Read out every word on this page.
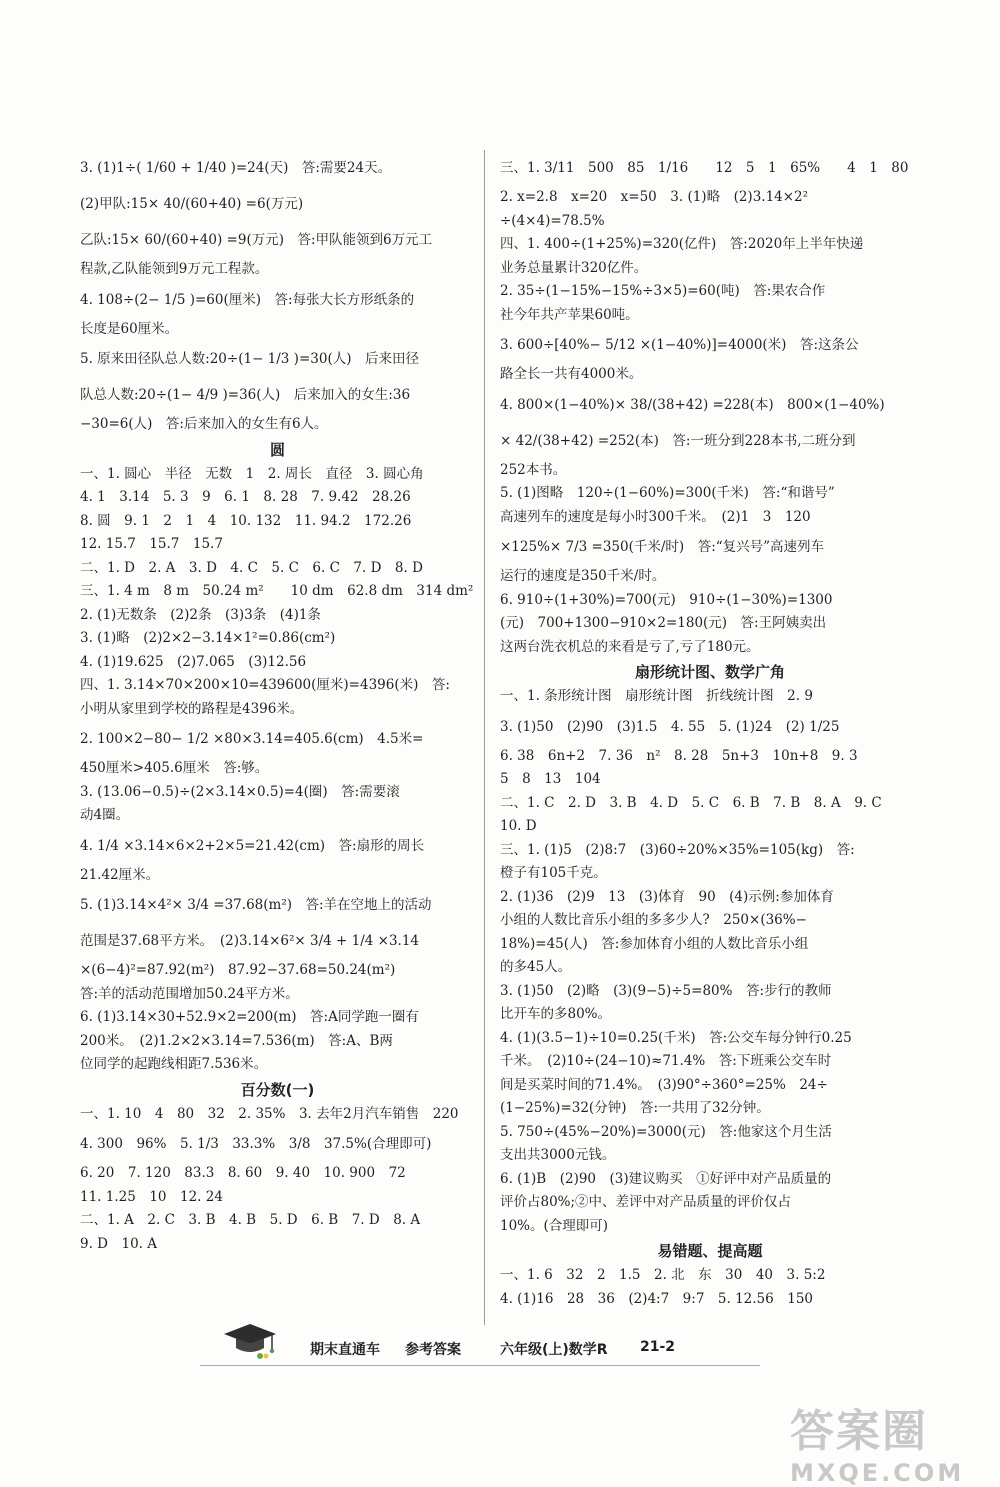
3. (1)1÷( 1/60 + 1/40 )=24(天)　答:需要24天。
(2)甲队:15× 40/(60+40) =6(万元)
乙队:15× 60/(60+40) =9(万元)　答:甲队能领到6万元工
程款,乙队能领到9万元工程款。
4. 108÷(2− 1/5 )=60(厘米)　答:每张大长方形纸条的
长度是60厘米。
5. 原来田径队总人数:20÷(1− 1/3 )=30(人)　后来田径
队总人数:20÷(1− 4/9 )=36(人)　后来加入的女生:36
−30=6(人)　答:后来加入的女生有6人。
圆
一、1. 圆心　半径　无数　1　2. 周长　直径　3. 圆心角
4. 1　3.14　5. 3　9　6. 1　8. 28　7. 9.42　28.26
8. 圆　9. 1　2　1　4　10. 132　11. 94.2　172.26
12. 15.7　15.7　15.7
二、1. D　2. A　3. D　4. C　5. C　6. C　7. D　8. D
三、1. 4 m　8 m　50.24 m²　　10 dm　62.8 dm　314 dm²
2. (1)无数条　(2)2条　(3)3条　(4)1条
3. (1)略　(2)2×2−3.14×1²=0.86(cm²)
4. (1)19.625　(2)7.065　(3)12.56
四、1. 3.14×70×200×10=439600(厘米)=4396(米)　答:
小明从家里到学校的路程是4396米。
2. 100×2−80− 1/2 ×80×3.14=405.6(cm)　4.5米=
450厘米>405.6厘米　答:够。
3. (13.06−0.5)÷(2×3.14×0.5)=4(圈)　答:需要滚
动4圈。
4. 1/4 ×3.14×6×2+2×5=21.42(cm)　答:扇形的周长
21.42厘米。
5. (1)3.14×4²× 3/4 =37.68(m²)　答:羊在空地上的活动
范围是37.68平方米。　(2)3.14×6²× 3/4 + 1/4 ×3.14
×(6−4)²=87.92(m²)　87.92−37.68=50.24(m²)
答:羊的活动范围增加50.24平方米。
6. (1)3.14×30+52.9×2=200(m)　答:A同学跑一圈有
200米。　(2)1.2×2×3.14=7.536(m)　答:A、B两
位同学的起跑线相距7.536米。
百分数(一)
一、1. 10　4　80　32　2. 35%　3. 去年2月汽车销售　220
4. 300　96%　5. 1/3　33.3%　3/8　37.5%(合理即可)
6. 20　7. 120　83.3　8. 60　9. 40　10. 900　72
11. 1.25　10　12. 24
二、1. A　2. C　3. B　4. B　5. D　6. B　7. D　8. A
9. D　10. A
三、1. 3/11　500　85　1/16　　12　5　1　65%　　4　1　80
2. x=2.8　x=20　x=50　3. (1)略　(2)3.14×2²
÷(4×4)=78.5%
四、1. 400÷(1+25%)=320(亿件)　答:2020年上半年快递
业务总量累计320亿件。
2. 35÷(1−15%−15%÷3×5)=60(吨)　答:果农合作
社今年共产苹果60吨。
3. 600÷[40%− 5/12 ×(1−40%)]=4000(米)　答:这条公
路全长一共有4000米。
4. 800×(1−40%)× 38/(38+42) =228(本)　800×(1−40%)
× 42/(38+42) =252(本)　答:一班分到228本书,二班分到
252本书。
5. (1)图略　120÷(1−60%)=300(千米)　答:“和谐号”
高速列车的速度是每小时300千米。　(2)1　3　120
×125%× 7/3 =350(千米/时)　答:“复兴号”高速列车
运行的速度是350千米/时。
6. 910÷(1+30%)=700(元)　910÷(1−30%)=1300
(元)　700+1300−910×2=180(元)　答:王阿姨卖出
这两台洗衣机总的来看是亏了,亏了180元。
扇形统计图、数学广角
一、1. 条形统计图　扇形统计图　折线统计图　2. 9
3. (1)50　(2)90　(3)1.5　4. 55　5. (1)24　(2) 1/25
6. 38　6n+2　7. 36　n²　8. 28　5n+3　10n+8　9. 3
5　8　13　104
二、1. C　2. D　3. B　4. D　5. C　6. B　7. B　8. A　9. C
10. D
三、1. (1)5　(2)8:7　(3)60÷20%×35%=105(kg)　答:
橙子有105千克。
2. (1)36　(2)9　13　(3)体育　90　(4)示例:参加体育
小组的人数比音乐小组的多多少人?　250×(36%−
18%)=45(人)　答:参加体育小组的人数比音乐小组
的多45人。
3. (1)50　(2)略　(3)(9−5)÷5=80%　答:步行的教师
比开车的多80%。
4. (1)(3.5−1)÷10=0.25(千米)　答:公交车每分钟行0.25
千米。　(2)10÷(24−10)≈71.4%　答:下班乘公交车时
间是买菜时间的71.4%。　(3)90°÷360°=25%　24÷
(1−25%)=32(分钟)　答:一共用了32分钟。
5. 750÷(45%−20%)=3000(元)　答:他家这个月生活
支出共3000元钱。
6. (1)B　(2)90　(3)建议购买　①好评中对产品质量的
评价占80%;②中、差评中对产品质量的评价仅占
10%。(合理即可)
易错题、提高题
一、1. 6　32　2　1.5　2. 北　东　30　40　3. 5:2
4. (1)16　28　36　(2)4:7　9:7　5. 12.56　150
期末直通车 参考答案	六年级(上)数学R 21-2
答案圈
MXQE.COM
